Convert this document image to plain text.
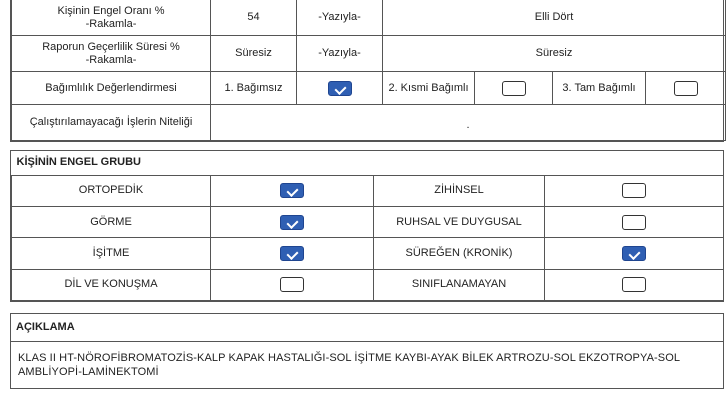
Kişinin Engel Oranı %
-Rakamla-	54	-Yazıyla-	Elli Dört			
Raporun Geçerlilik Süresi %
-Rakamla-	Süresiz	-Yazıyla-	Süresiz			
Bağımlılık Değerlendirmesi	1. Bağımsız		2. Kısmi Bağımlı		3. Tam Bağımlı	
Çalıştırılamayacağı İşlerin Niteliği	.					
KİŞİNİN ENGEL GRUBU			
ORTOPEDİK		ZİHİNSEL	
GÖRME		RUHSAL VE DUYGUSAL	
İŞİTME		SÜREĞEN (KRONİK)	
DİL VE KONUŞMA		SINIFLANAMAYAN	
AÇIKLAMA
KLAS II HT-NÖROFİBROMATOZİS-KALP KAPAK HASTALIĞI-SOL İŞİTME KAYBI-AYAK BİLEK ARTROZU-SOL EKZOTROPYA-SOL AMBLİYOPİ-LAMİNEKTOMİ
